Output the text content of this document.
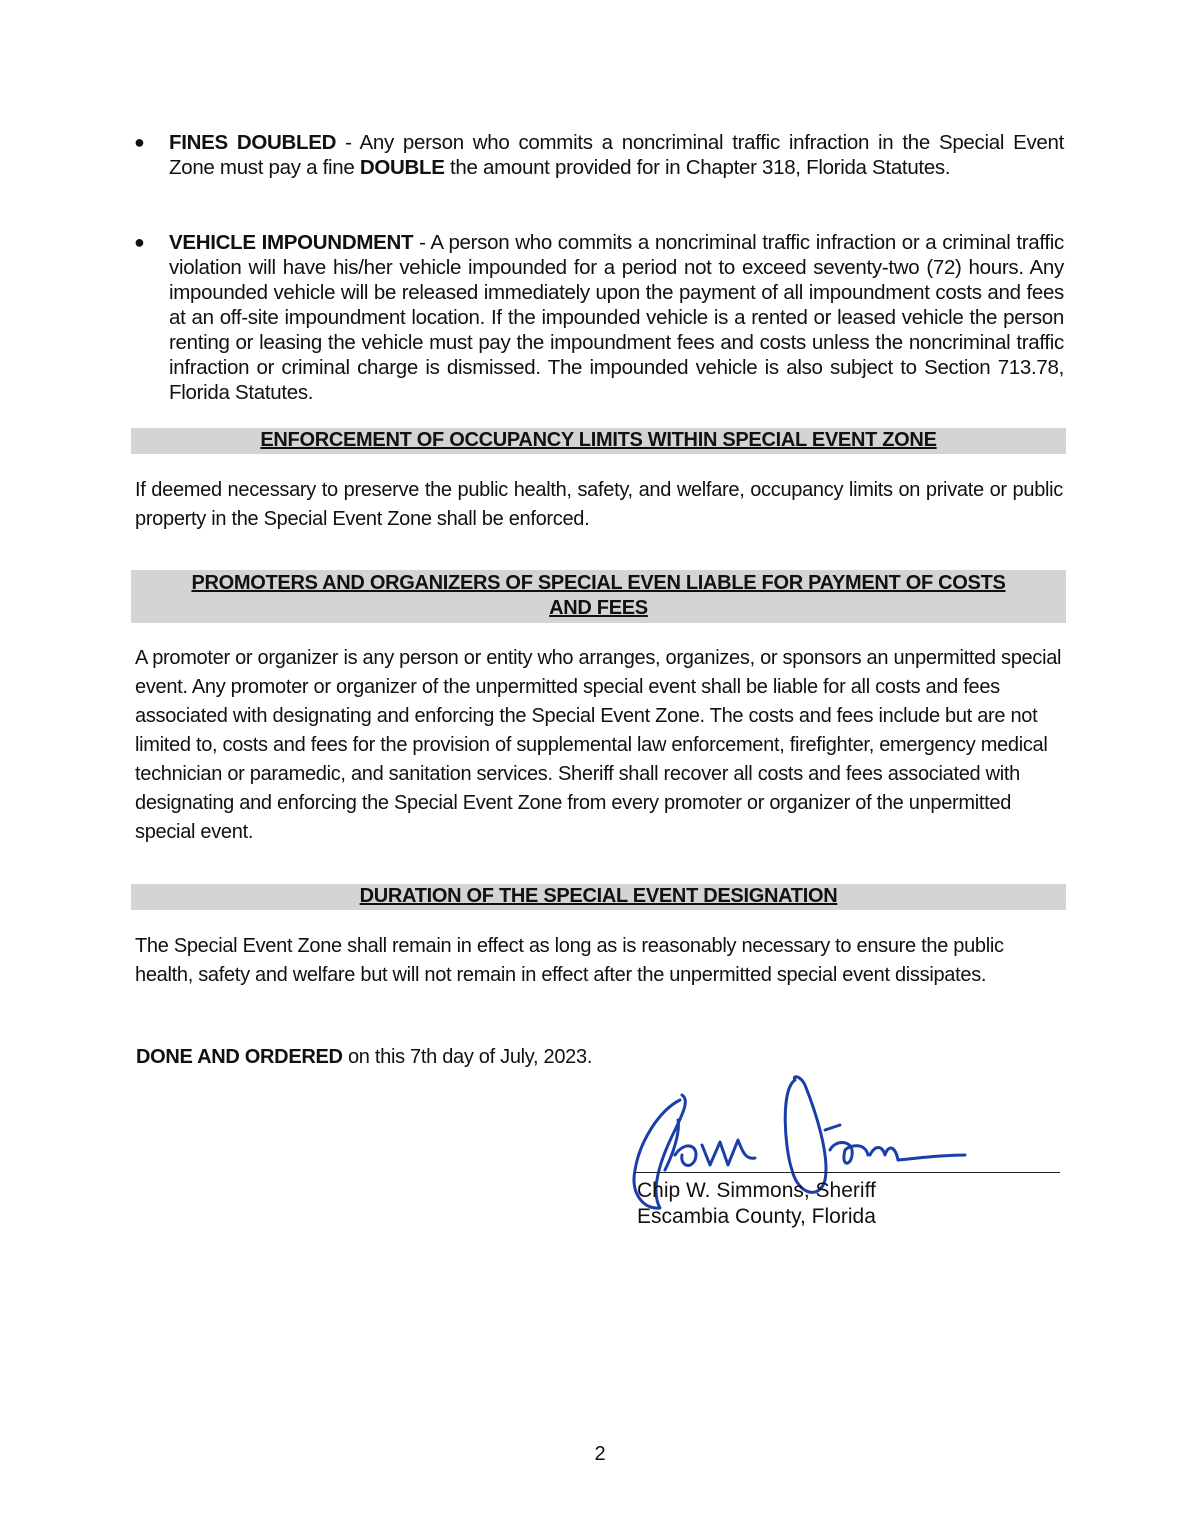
● FINES DOUBLED - Any person who commits a noncriminal traffic infraction in the Special Event Zone must pay a fine DOUBLE the amount provided for in Chapter 318, Florida Statutes.
● VEHICLE IMPOUNDMENT - A person who commits a noncriminal traffic infraction or a criminal traffic violation will have his/her vehicle impounded for a period not to exceed seventy-two (72) hours. Any impounded vehicle will be released immediately upon the payment of all impoundment costs and fees at an off-site impoundment location. If the impounded vehicle is a rented or leased vehicle the person renting or leasing the vehicle must pay the impoundment fees and costs unless the noncriminal traffic infraction or criminal charge is dismissed. The impounded vehicle is also subject to Section 713.78, Florida Statutes.
ENFORCEMENT OF OCCUPANCY LIMITS WITHIN SPECIAL EVENT ZONE
If deemed necessary to preserve the public health, safety, and welfare, occupancy limits on private or public property in the Special Event Zone shall be enforced.
PROMOTERS AND ORGANIZERS OF SPECIAL EVEN LIABLE FOR PAYMENT OF COSTS
AND FEES
A promoter or organizer is any person or entity who arranges, organizes, or sponsors an unpermitted special event. Any promoter or organizer of the unpermitted special event shall be liable for all costs and fees associated with designating and enforcing the Special Event Zone. The costs and fees include but are not limited to, costs and fees for the provision of supplemental law enforcement, firefighter, emergency medical technician or paramedic, and sanitation services. Sheriff shall recover all costs and fees associated with designating and enforcing the Special Event Zone from every promoter or organizer of the unpermitted special event.
DURATION OF THE SPECIAL EVENT DESIGNATION
The Special Event Zone shall remain in effect as long as is reasonably necessary to ensure the public health, safety and welfare but will not remain in effect after the unpermitted special event dissipates.
DONE AND ORDERED on this 7th day of July, 2023.
Chip W. Simmons, Sheriff
Escambia County, Florida
2
